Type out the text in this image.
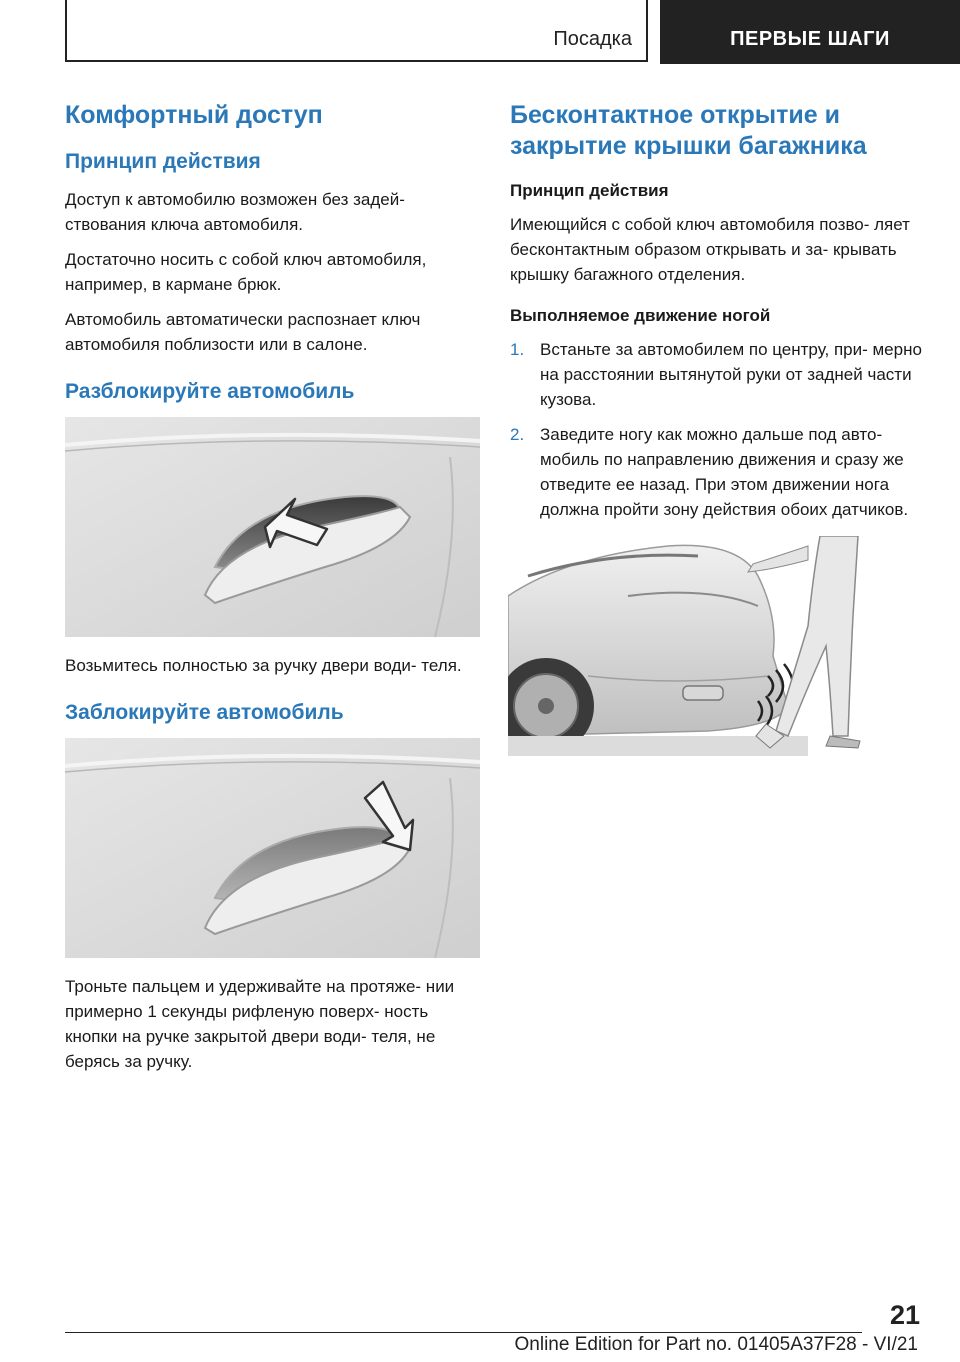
Посадка	ПЕРВЫЕ ШАГИ
Комфортный доступ
Принцип действия

Доступ к автомобилю возможен без задей- ствования ключа автомобиля.

Достаточно носить с собой ключ автомобиля, например, в кармане брюк.

Автомобиль автоматически распознает ключ автомобиля поблизости или в салоне.

Разблокируйте автомобиль

Возьмитесь полностью за ручку двери води- теля.

Заблокируйте автомобиль

Троньте пальцем и удерживайте на протяже- нии примерно 1 секунды рифленую поверх- ность кнопки на ручке закрытой двери води- теля, не берясь за ручку.

Бесконтактное открытие и закрытие крышки багажника
Принцип действия

Имеющийся с собой ключ автомобиля позво- ляет бесконтактным образом открывать и за- крывать крышку багажного отделения.

Выполняемое движение ногой
1. Встаньте за автомобилем по центру, при- мерно на расстоянии вытянутой руки от задней части кузова.
2. Заведите ногу как можно дальше под авто- мобиль по направлению движения и сразу же отведите ее назад. При этом движении нога должна пройти зону действия обоих датчиков.
21
Online Edition for Part no. 01405A37F28 - VI/21
